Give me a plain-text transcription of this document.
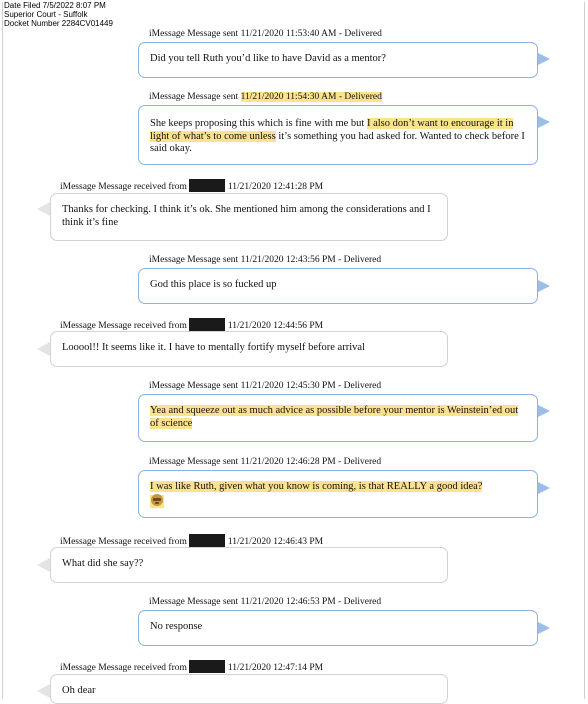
Date Filed 7/5/2022 8:07 PM
Superior Court - Suffolk
Docket Number 2284CV01449
iMessage Message sent 11/21/2020 11:53:40 AM - Delivered
Did you tell Ruth you’d like to have David as a mentor?
iMessage Message sent 11/21/2020 11:54:30 AM - Delivered
She keeps proposing this which is fine with me but I also don’t want to encourage it in light of what’s to come unless it’s something you had asked for. Wanted to check before I said okay.
iMessage Message received from	11/21/2020 12:41:28 PM
Thanks for checking. I think it’s ok. She mentioned him among the considerations and I think it’s fine
iMessage Message sent 11/21/2020 12:43:56 PM - Delivered
God this place is so fucked up
iMessage Message received from	11/21/2020 12:44:56 PM
Looool!! It seems like it. I have to mentally fortify myself before arrival
iMessage Message sent 11/21/2020 12:45:30 PM - Delivered
Yea and squeeze out as much advice as possible before your mentor is Weinstein’ed out of science
iMessage Message sent 11/21/2020 12:46:28 PM - Delivered
I was like Ruth, given what you know is coming, is that REALLY a good idea?

iMessage Message received from	11/21/2020 12:46:43 PM
What did she say??
iMessage Message sent 11/21/2020 12:46:53 PM - Delivered
No response
iMessage Message received from	11/21/2020 12:47:14 PM
Oh dear
